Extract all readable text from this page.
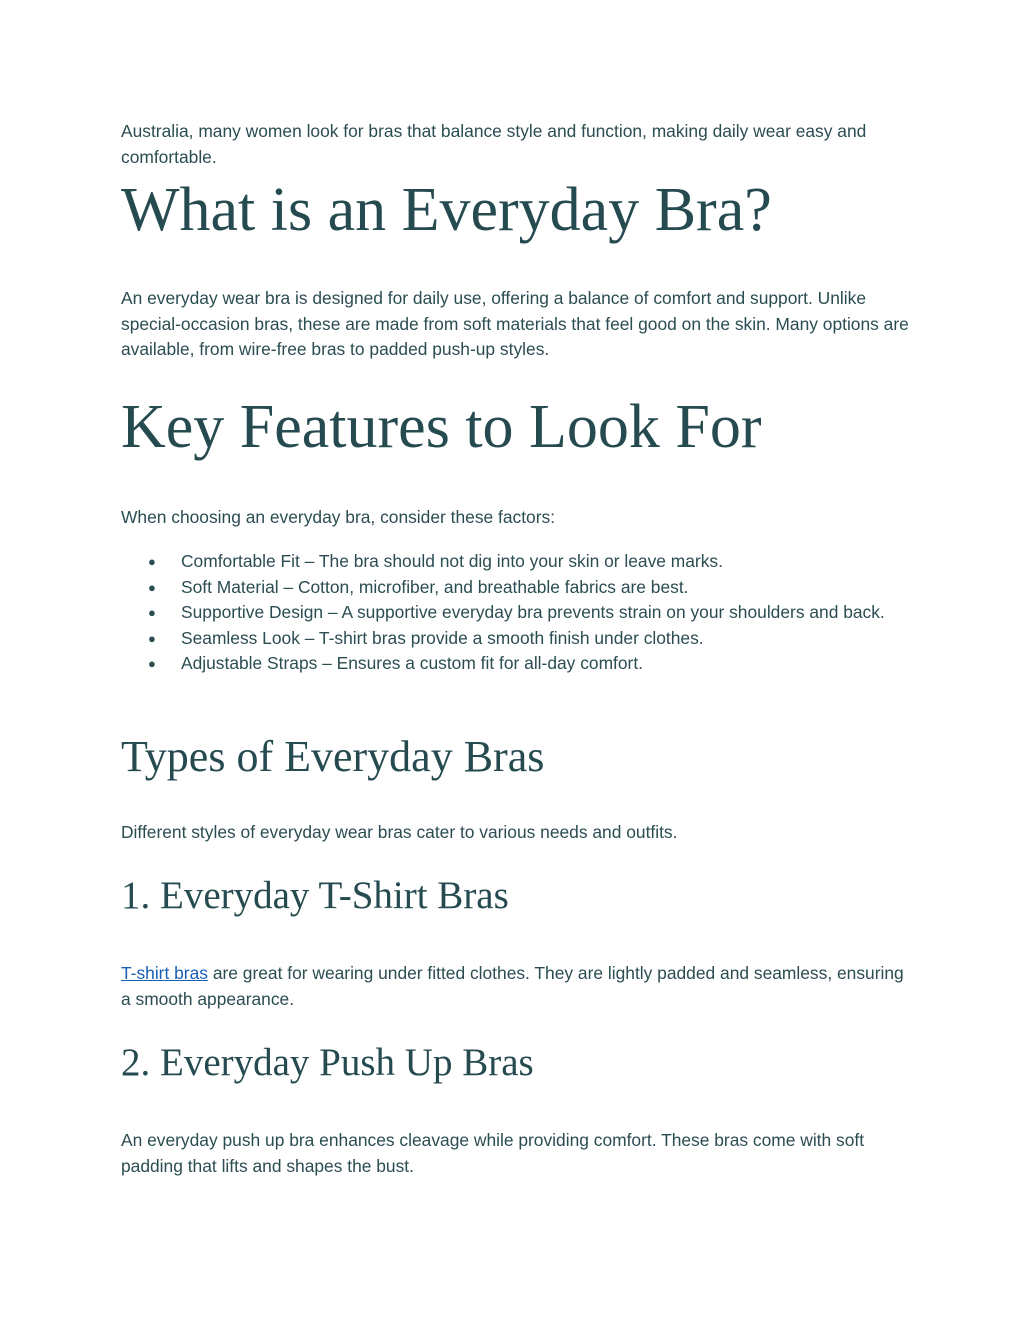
Australia, many women look for bras that balance style and function, making daily wear easy and comfortable.

What is an Everyday Bra?

An everyday wear bra is designed for daily use, offering a balance of comfort and support. Unlike special-occasion bras, these are made from soft materials that feel good on the skin. Many options are available, from wire-free bras to padded push-up styles.

Key Features to Look For

When choosing an everyday bra, consider these factors:

● Comfortable Fit – The bra should not dig into your skin or leave marks.
● Soft Material – Cotton, microfiber, and breathable fabrics are best.
● Supportive Design – A supportive everyday bra prevents strain on your shoulders and back.
● Seamless Look – T-shirt bras provide a smooth finish under clothes.
● Adjustable Straps – Ensures a custom fit for all-day comfort.
Types of Everyday Bras

Different styles of everyday wear bras cater to various needs and outfits.

1. Everyday T-Shirt Bras

T-shirt bras are great for wearing under fitted clothes. They are lightly padded and seamless, ensuring a smooth appearance.

2. Everyday Push Up Bras

An everyday push up bra enhances cleavage while providing comfort. These bras come with soft padding that lifts and shapes the bust.
